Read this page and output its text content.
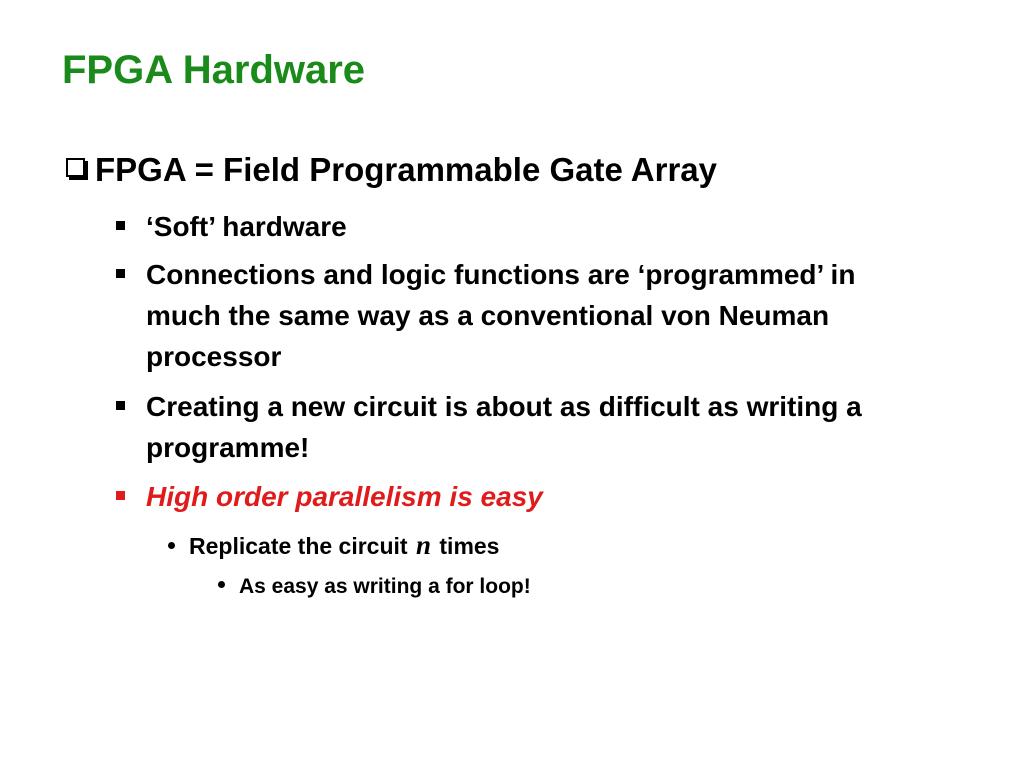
FPGA Hardware
FPGA = Field Programmable Gate Array
‘Soft’ hardware
Connections and logic functions are ‘programmed’ in much the same way as a conventional von Neuman processor
Creating a new circuit is about as difficult as writing a programme!
High order parallelism is easy
Replicate the circuit n times
As easy as writing a for loop!
